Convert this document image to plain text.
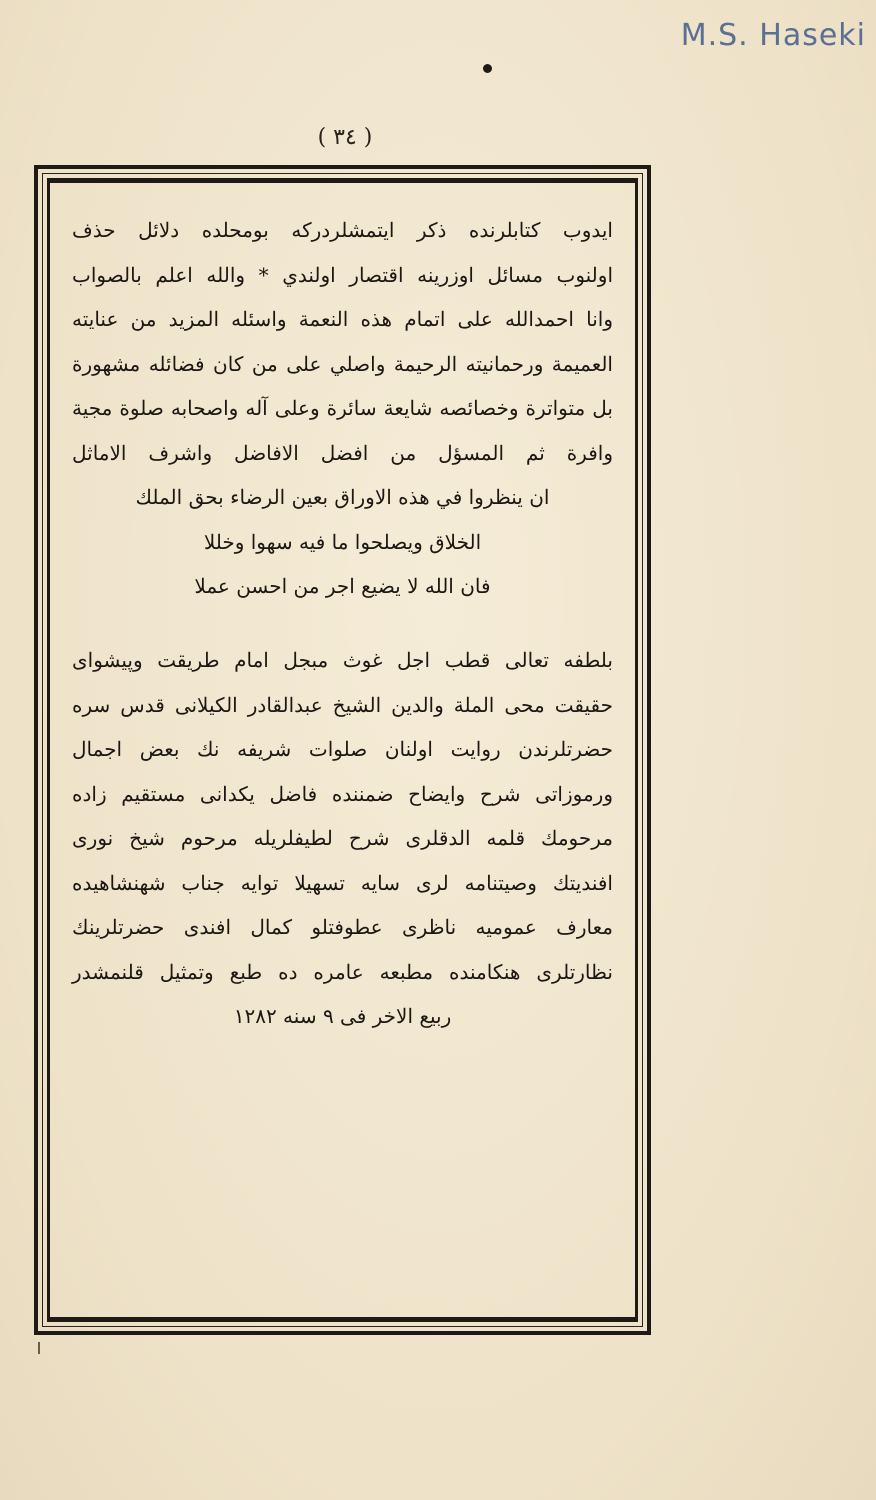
M.S. Haseki
( ٣٤ )
ايدوب كتابلرنده ذكر ايتمشلردركه بومحلده دلائل حذف
اولنوب مسائل اوزرينه اقتصار اولندي * والله اعلم بالصواب
وانا احمدالله على اتمام هذه النعمة واسئله المزيد من عنايته
العميمة ورحمانيته الرحيمة واصلي على من كان فضائله مشهورة
بل متواترة وخصائصه شايعة سائرة وعلى آله واصحابه صلوة مجية
وافرة ثم المسؤل من افضل الافاضل واشرف الاماثل
ان ينظروا في هذه الاوراق بعين الرضاء بحق الملك
الخلاق ويصلحوا ما فيه سهوا وخللا
فان الله لا يضيع اجر من احسن عملا
بلطفه تعالى قطب اجل غوث مبجل امام طريقت وپيشواى
حقيقت محى الملة والدين الشيخ عبدالقادر الكيلانى قدس سره
حضرتلرندن روايت اولنان صلوات شريفه نك بعض اجمال
ورموزاتى شرح وايضاح ضمننده فاضل يكدانى مستقيم زاده
مرحومك قلمه الدقلرى شرح لطيفلريله مرحوم شيخ نورى
افنديتك وصيتنامه لرى سايه تسهيلا توايه جناب شهنشاهيده
معارف عموميه ناظرى عطوفتلو كمال افندى حضرتلرينك
نظارتلرى هنكامنده مطبعه عامره ده طبع وتمثيل قلنمشدر
ربيع الاخر فى ٩ سنه ١٢٨٢
